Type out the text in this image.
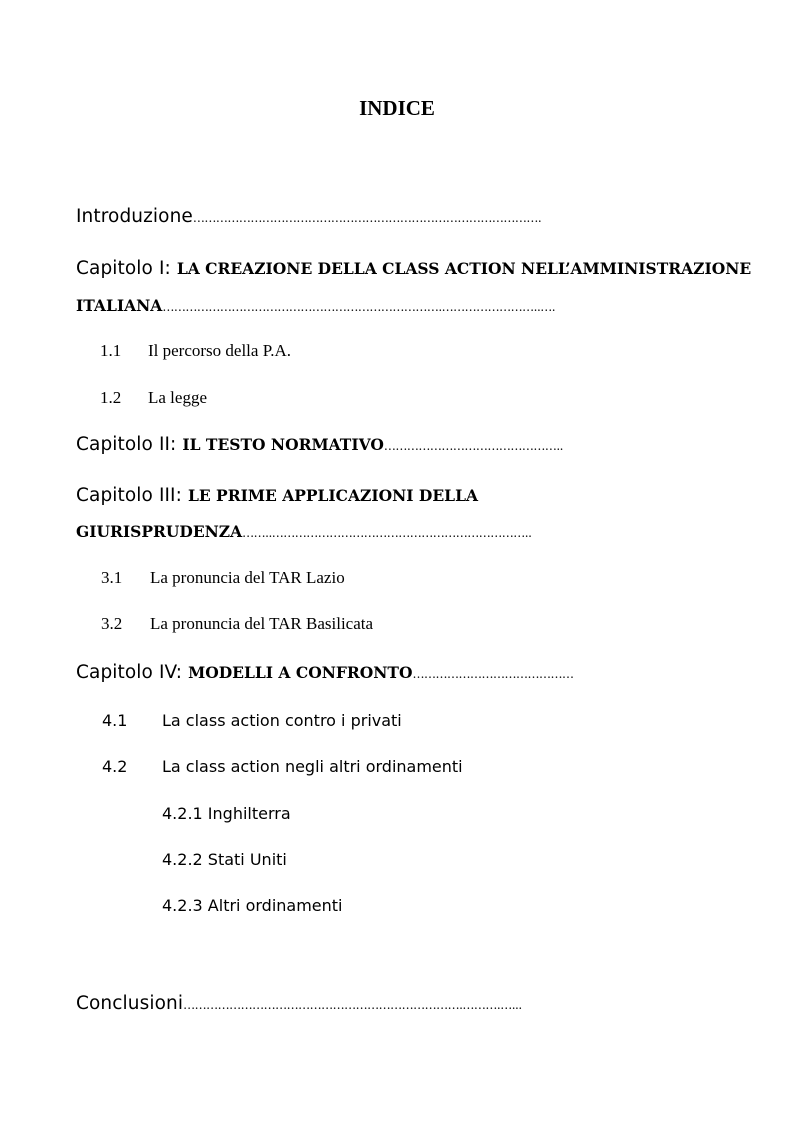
INDICE
Introduzione……………………………………………………………………………….
Capitolo I: LA CREAZIONE DELLA CLASS ACTION NELL’AMMINISTRAZIONE
ITALIANA……………………………………………………………….……………………..….
1.1 Il percorso della P.A.
1.2 La legge
Capitolo II: IL TESTO NORMATIVO………………………………………..
Capitolo III: LE PRIME APPLICAZIONI DELLA
GIURISPRUDENZA……..…………………………………………………………..
3.1 La pronuncia del TAR Lazio
3.2 La pronuncia del TAR Basilicata
Capitolo IV: MODELLI A CONFRONTO……………………………………
4.1 La class action contro i privati
4.2 La class action negli altri ordinamenti
4.2.1 Inghilterra
4.2.2 Stati Uniti
4.2.3 Altri ordinamenti
Conclusioni……………………………………………………………….……….…...
